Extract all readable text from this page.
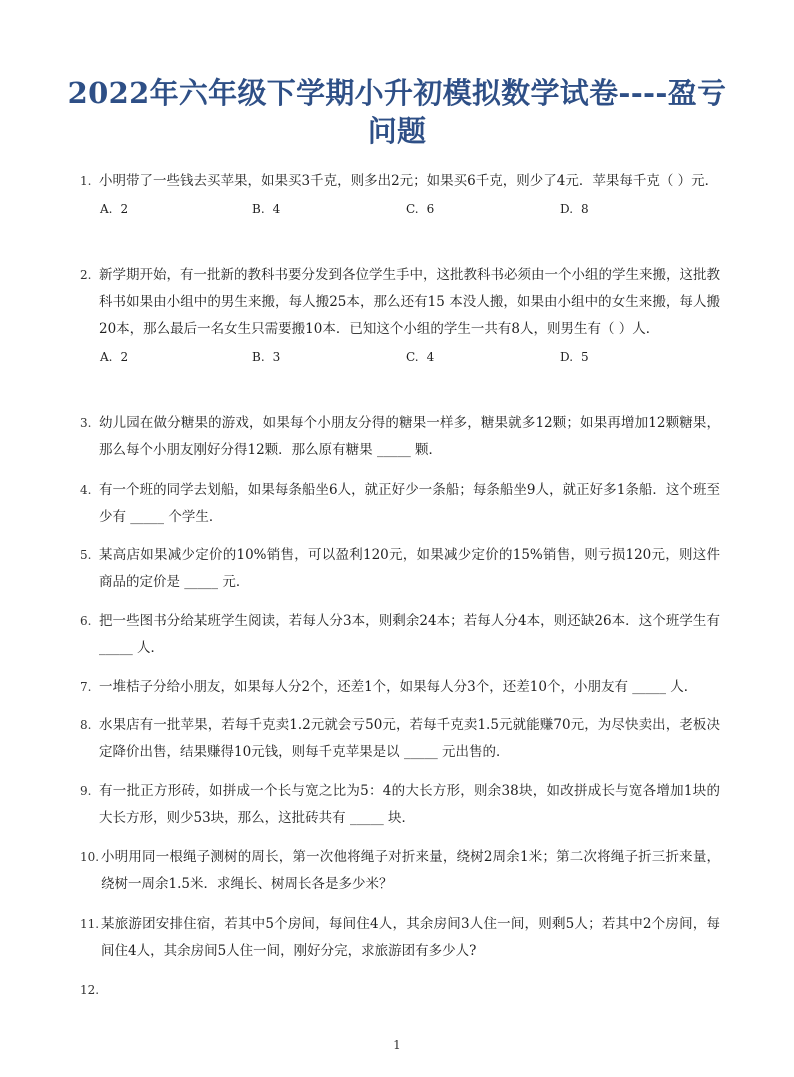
2022年六年级下学期小升初模拟数学试卷----盈亏问题
1. 小明带了一些钱去买苹果，如果买3千克，则多出2元；如果买6千克，则少了4元．苹果每千克（ ）元．
A. 2	B. 4	C. 6	D. 8
2. 新学期开始，有一批新的教科书要分发到各位学生手中，这批教科书必须由一个小组的学生来搬，这批教科书如果由小组中的男生来搬，每人搬25本，那么还有15 本没人搬，如果由小组中的女生来搬，每人搬20本，那么最后一名女生只需要搬10本．已知这个小组的学生一共有8人，则男生有（ ）人．
A. 2	B. 3	C. 4	D. 5
3. 幼儿园在做分糖果的游戏，如果每个小朋友分得的糖果一样多，糖果就多12颗；如果再增加12颗糖果，那么每个小朋友刚好分得12颗．那么原有糖果 _____ 颗．
4. 有一个班的同学去划船，如果每条船坐6人，就正好少一条船；每条船坐9人，就正好多1条船．这个班至少有 _____ 个学生．
5. 某高店如果减少定价的10%销售，可以盈利120元，如果减少定价的15%销售，则亏损120元，则这件商品的定价是 _____ 元．
6. 把一些图书分给某班学生阅读，若每人分3本，则剩余24本；若每人分4本，则还缺26本．这个班学生有 _____ 人．
7. 一堆桔子分给小朋友，如果每人分2个，还差1个，如果每人分3个，还差10个，小朋友有 _____ 人．
8. 水果店有一批苹果，若每千克卖1.2元就会亏50元，若每千克卖1.5元就能赚70元，为尽快卖出，老板决定降价出售，结果赚得10元钱，则每千克苹果是以 _____ 元出售的．
9. 有一批正方形砖，如拼成一个长与宽之比为5：4的大长方形，则余38块，如改拼成长与宽各增加1块的大长方形，则少53块，那么，这批砖共有 _____ 块．
10. 小明用同一根绳子测树的周长，第一次他将绳子对折来量，绕树2周余1米；第二次将绳子折三折来量，绕树一周余1.5米．求绳长、树周长各是多少米？
11. 某旅游团安排住宿，若其中5个房间，每间住4人，其余房间3人住一间，则剩5人；若其中2个房间，每间住4人，其余房间5人住一间，刚好分完，求旅游团有多少人?
12.
1
